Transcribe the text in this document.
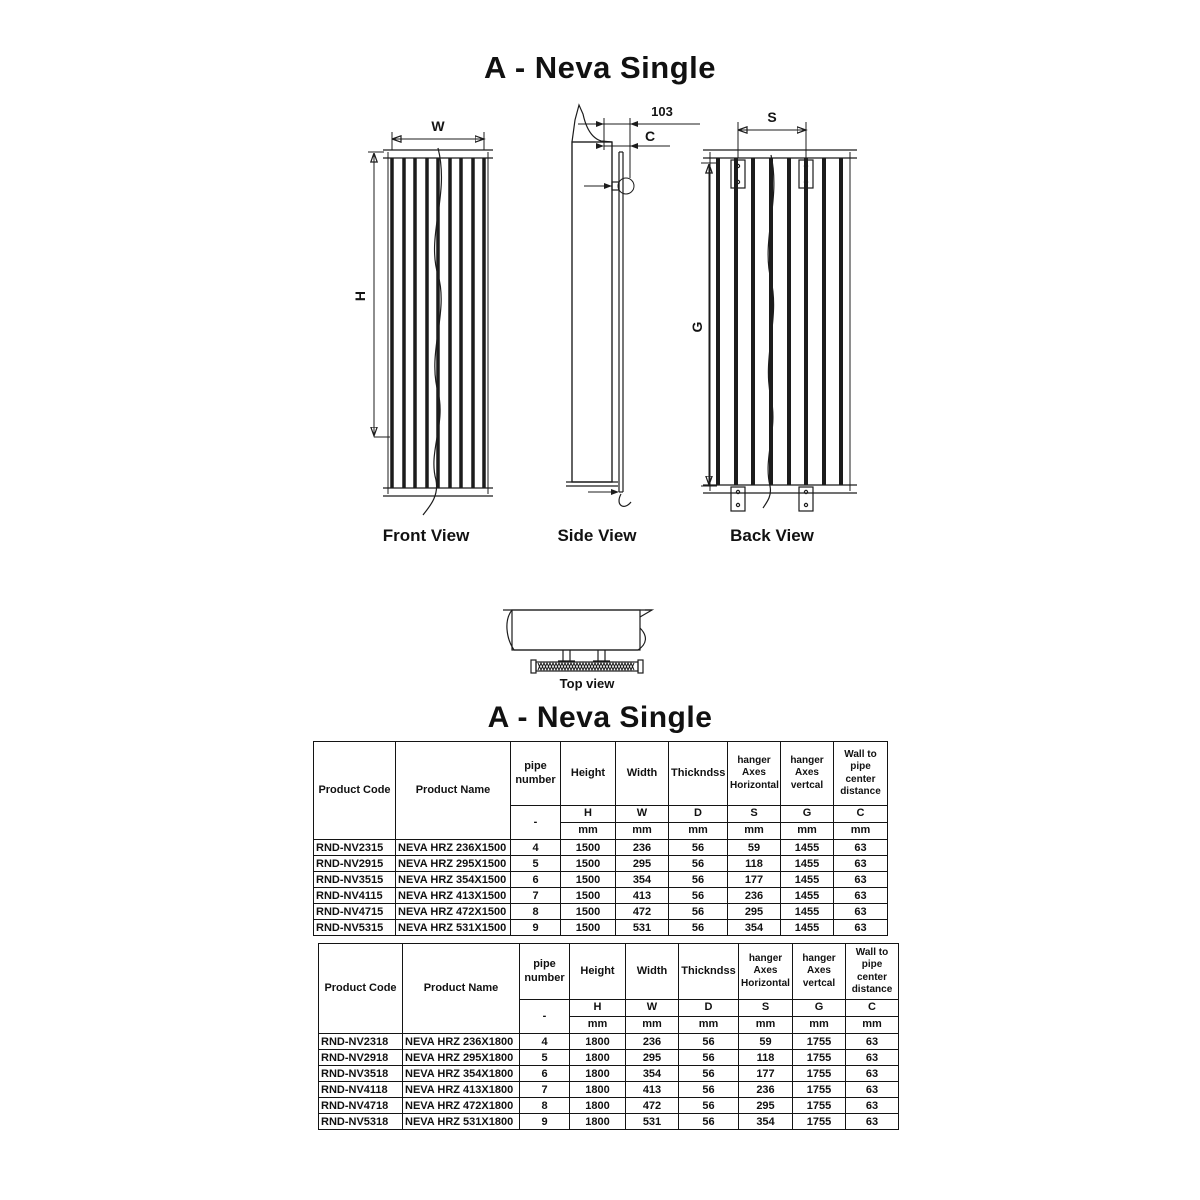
A - Neva Single
W
H
103
C
S
G
Front View	Side View	Back View
Top view
A - Neva Single
Product Code	Product Name	pipe number	Height	Width	Thickndss	hanger Axes Horizontal	hanger Axes vertcal	Wall to pipe center distance
		-	H	W	D	S	G	C
			mm	mm	mm	mm	mm	mm
RND-NV2315	NEVA HRZ 236X1500	4	1500	236	56	59	1455	63
RND-NV2915	NEVA HRZ 295X1500	5	1500	295	56	118	1455	63
RND-NV3515	NEVA HRZ 354X1500	6	1500	354	56	177	1455	63
RND-NV4115	NEVA HRZ 413X1500	7	1500	413	56	236	1455	63
RND-NV4715	NEVA HRZ 472X1500	8	1500	472	56	295	1455	63
RND-NV5315	NEVA HRZ 531X1500	9	1500	531	56	354	1455	63
Product Code	Product Name	pipe number	Height	Width	Thickndss	hanger Axes Horizontal	hanger Axes vertcal	Wall to pipe center distance
		-	H	W	D	S	G	C
			mm	mm	mm	mm	mm	mm
RND-NV2318	NEVA HRZ 236X1800	4	1800	236	56	59	1755	63
RND-NV2918	NEVA HRZ 295X1800	5	1800	295	56	118	1755	63
RND-NV3518	NEVA HRZ 354X1800	6	1800	354	56	177	1755	63
RND-NV4118	NEVA HRZ 413X1800	7	1800	413	56	236	1755	63
RND-NV4718	NEVA HRZ 472X1800	8	1800	472	56	295	1755	63
RND-NV5318	NEVA HRZ 531X1800	9	1800	531	56	354	1755	63
